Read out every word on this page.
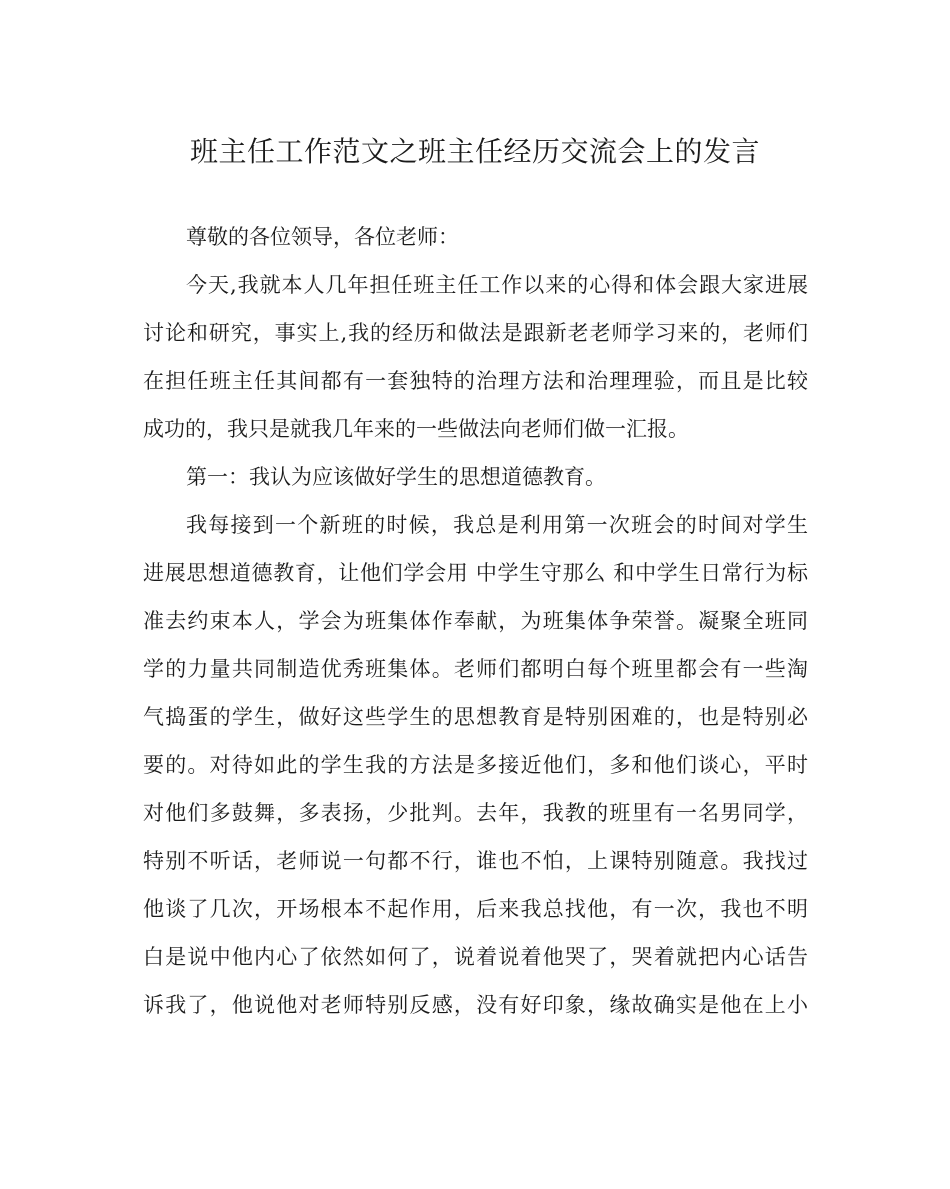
班主任工作范文之班主任经历交流会上的发言
尊敬的各位领导，各位老师：
今天,我就本人几年担任班主任工作以来的心得和体会跟大家进展
讨论和研究，事实上,我的经历和做法是跟新老老师学习来的，老师们
在担任班主任其间都有一套独特的治理方法和治理理验，而且是比较
成功的，我只是就我几年来的一些做法向老师们做一汇报。
第一：我认为应该做好学生的思想道德教育。
我每接到一个新班的时候，我总是利用第一次班会的时间对学生
进展思想道德教育，让他们学会用 中学生守那么 和中学生日常行为标
准去约束本人，学会为班集体作奉献，为班集体争荣誉。凝聚全班同
学的力量共同制造优秀班集体。老师们都明白每个班里都会有一些淘
气捣蛋的学生，做好这些学生的思想教育是特别困难的，也是特别必
要的。对待如此的学生我的方法是多接近他们，多和他们谈心，平时
对他们多鼓舞，多表扬，少批判。去年，我教的班里有一名男同学，
特别不听话，老师说一句都不行，谁也不怕，上课特别随意。我找过
他谈了几次，开场根本不起作用，后来我总找他，有一次，我也不明
白是说中他内心了依然如何了，说着说着他哭了，哭着就把内心话告
诉我了，他说他对老师特别反感，没有好印象，缘故确实是他在上小
